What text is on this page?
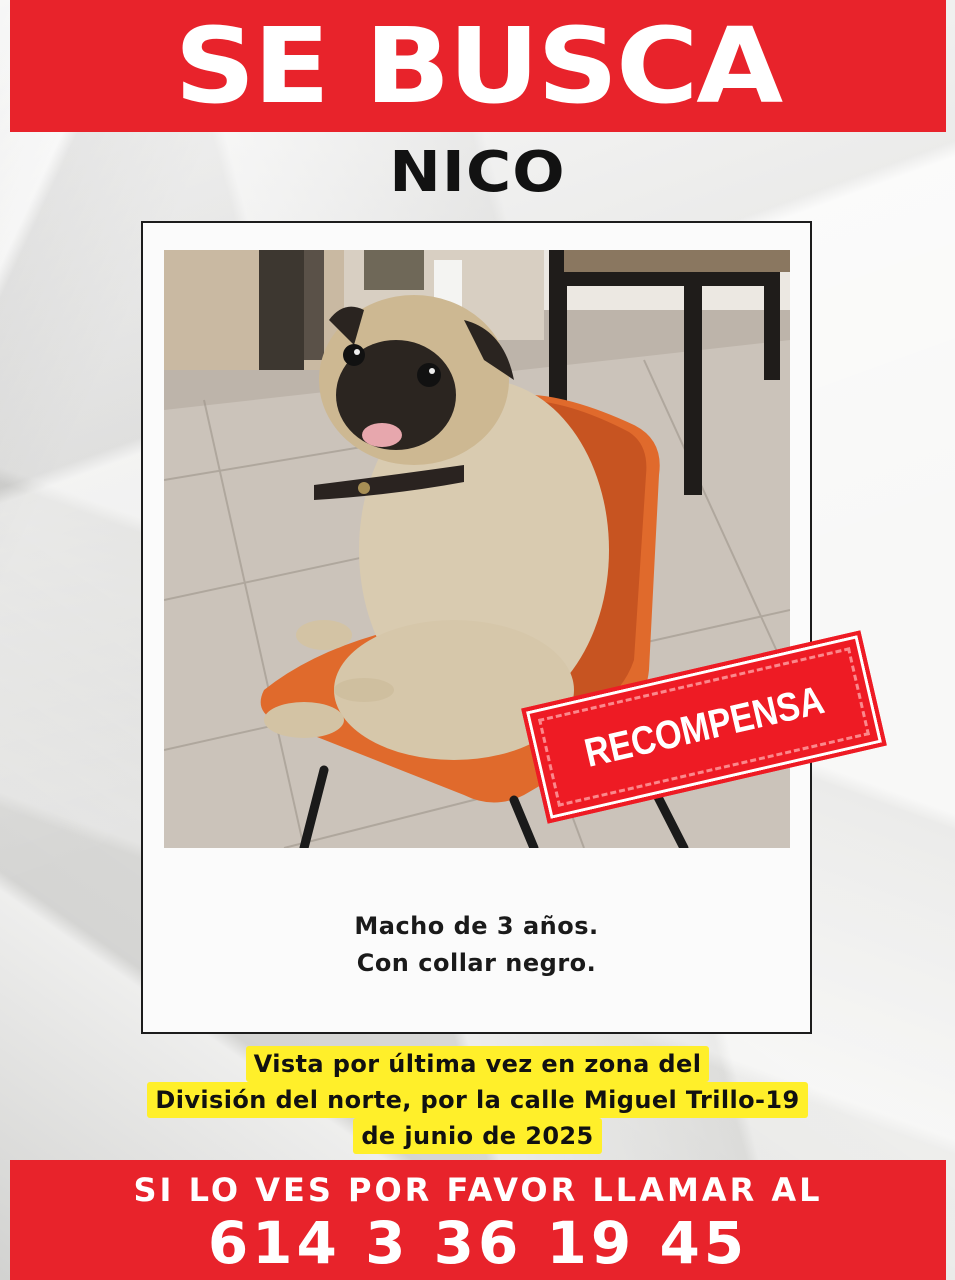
SE BUSCA
NICO
Macho de 3 años.
Con collar negro.
RECOMPENSA
Vista por última vez en zona del
División del norte, por la calle Miguel Trillo-19
de junio de 2025
SI LO VES POR FAVOR LLAMAR AL
614 3 36 19 45
